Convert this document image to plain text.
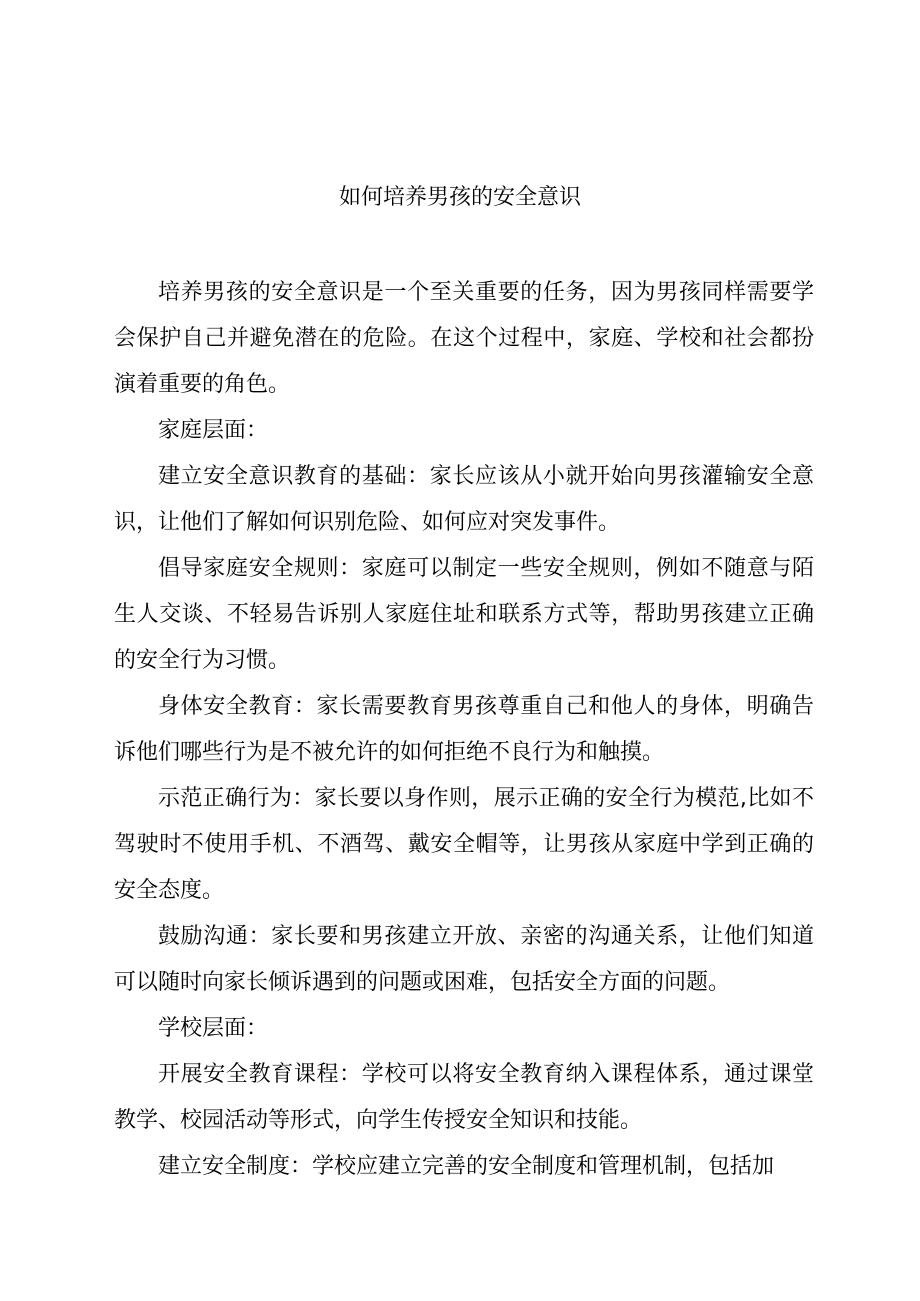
如何培养男孩的安全意识

培养男孩的安全意识是一个至关重要的任务，因为男孩同样需要学会保护自己并避免潜在的危险。在这个过程中，家庭、学校和社会都扮演着重要的角色。

家庭层面：

建立安全意识教育的基础：家长应该从小就开始向男孩灌输安全意识，让他们了解如何识别危险、如何应对突发事件。

倡导家庭安全规则：家庭可以制定一些安全规则，例如不随意与陌生人交谈、不轻易告诉别人家庭住址和联系方式等，帮助男孩建立正确的安全行为习惯。

身体安全教育：家长需要教育男孩尊重自己和他人的身体，明确告诉他们哪些行为是不被允许的如何拒绝不良行为和触摸。

示范正确行为：家长要以身作则，展示正确的安全行为模范,比如不驾驶时不使用手机、不酒驾、戴安全帽等，让男孩从家庭中学到正确的安全态度。

鼓励沟通：家长要和男孩建立开放、亲密的沟通关系，让他们知道可以随时向家长倾诉遇到的问题或困难，包括安全方面的问题。

学校层面：

开展安全教育课程：学校可以将安全教育纳入课程体系，通过课堂教学、校园活动等形式，向学生传授安全知识和技能。

建立安全制度：学校应建立完善的安全制度和管理机制，包括加
